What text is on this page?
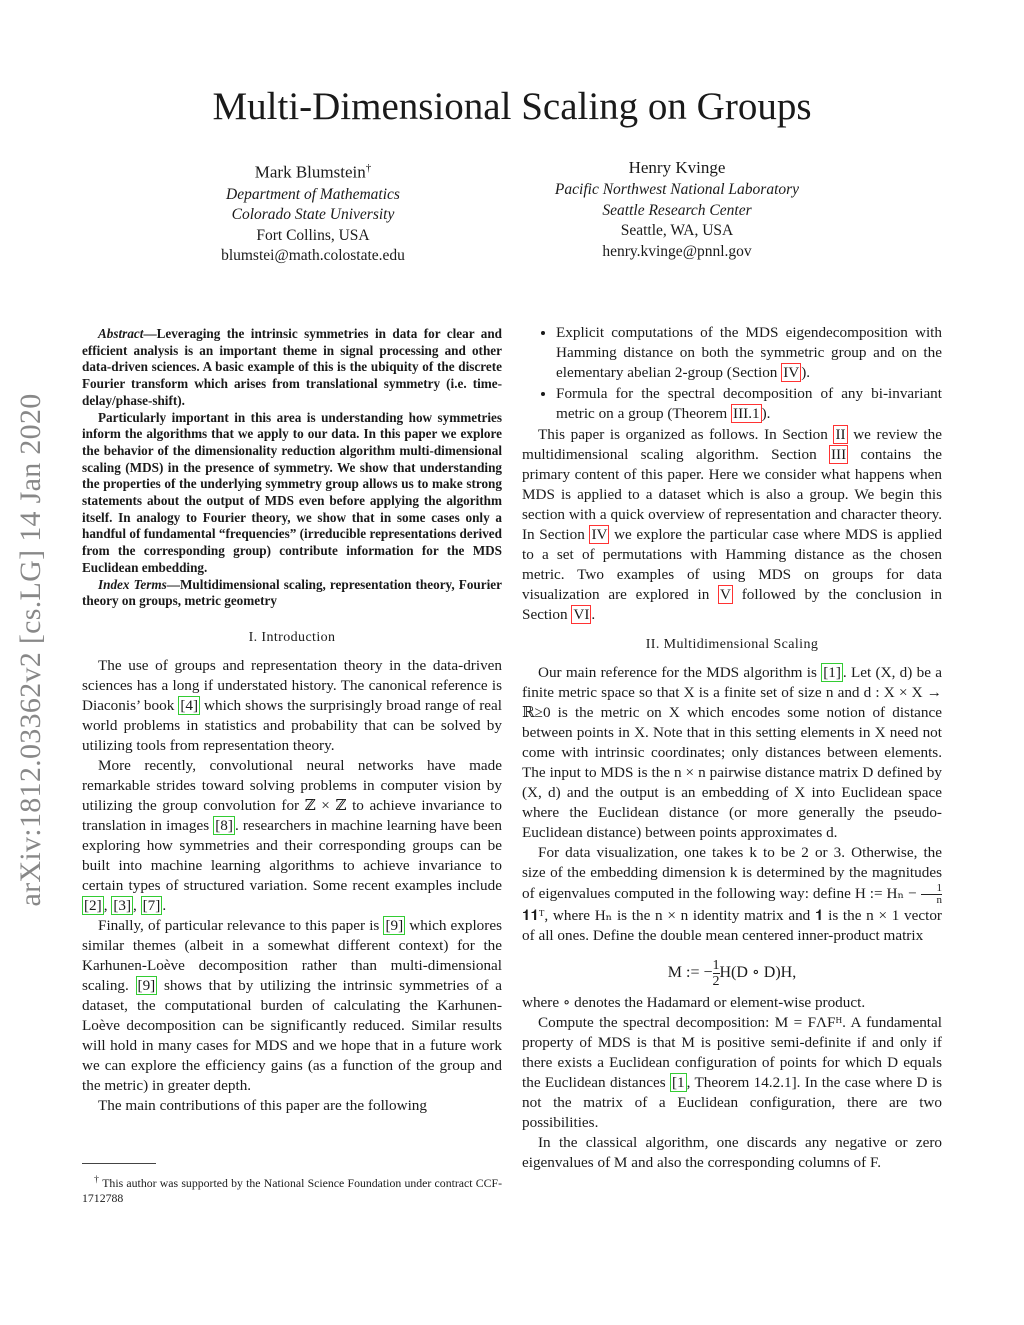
Multi-Dimensional Scaling on Groups
arXiv:1812.03362v2 [cs.LG] 14 Jan 2020
Mark Blumstein†
Department of Mathematics
Colorado State University
Fort Collins, USA
blumstei@math.colostate.edu
Henry Kvinge
Pacific Northwest National Laboratory
Seattle Research Center
Seattle, WA, USA
henry.kvinge@pnnl.gov

Abstract—Leveraging the intrinsic symmetries in data for clear and efficient analysis is an important theme in signal processing and other data-driven sciences. A basic example of this is the ubiquity of the discrete Fourier transform which arises from translational symmetry (i.e. time-delay/phase-shift).

Particularly important in this area is understanding how symmetries inform the algorithms that we apply to our data. In this paper we explore the behavior of the dimensionality reduction algorithm multi-dimensional scaling (MDS) in the presence of symmetry. We show that understanding the properties of the underlying symmetry group allows us to make strong statements about the output of MDS even before applying the algorithm itself. In analogy to Fourier theory, we show that in some cases only a handful of fundamental “frequencies” (irreducible representations derived from the corresponding group) contribute information for the MDS Euclidean embedding.

Index Terms—Multidimensional scaling, representation theory, Fourier theory on groups, metric geometry

I. Introduction

The use of groups and representation theory in the data-driven sciences has a long if understated history. The canonical reference is Diaconis’ book [4] which shows the surprisingly broad range of real world problems in statistics and probability that can be solved by utilizing tools from representation theory.

More recently, convolutional neural networks have made remarkable strides toward solving problems in computer vision by utilizing the group convolution for ℤ × ℤ to achieve invariance to translation in images [8] . researchers in machine learning have been exploring how symmetries and their corresponding groups can be built into machine learning algorithms to achieve invariance to certain types of structured variation. Some recent examples include [2] , [3] , [7] .

Finally, of particular relevance to this paper is [9] which explores similar themes (albeit in a somewhat different context) for the Karhunen-Loève decomposition rather than multi-dimensional scaling. [9] shows that by utilizing the intrinsic symmetries of a dataset, the computational burden of calculating the Karhunen-Loève decomposition can be significantly reduced. Similar results will hold in many cases for MDS and we hope that in a future work we can explore the efficiency gains (as a function of the group and the metric) in greater depth.

The main contributions of this paper are the following

† This author was supported by the National Science Foundation under contract CCF-1712788
• Explicit computations of the MDS eigendecomposition with Hamming distance on both the symmetric group and on the elementary abelian 2-group (Section IV ).
• Formula for the spectral decomposition of any bi-invariant metric on a group (Theorem III.1 ).

This paper is organized as follows. In Section II we review the multidimensional scaling algorithm. Section III contains the primary content of this paper. Here we consider what happens when MDS is applied to a dataset which is also a group. We begin this section with a quick overview of representation and character theory. In Section IV we explore the particular case where MDS is applied to a set of permutations with Hamming distance as the chosen metric. Two examples of using MDS on groups for data visualization are explored in V followed by the conclusion in Section VI .

II. Multidimensional Scaling

Our main reference for the MDS algorithm is [1] . Let (X, d) be a finite metric space so that X is a finite set of size n and d : X × X → ℝ≥0 is the metric on X which encodes some notion of distance between points in X. Note that in this setting elements in X need not come with intrinsic coordinates; only distances between elements. The input to MDS is the n × n pairwise distance matrix D defined by (X, d) and the output is an embedding of X into Euclidean space where the Euclidean distance (or more generally the pseudo-Euclidean distance) between points approximates d.

For data visualization, one takes k to be 2 or 3. Otherwise, the size of the embedding dimension k is determined by the magnitudes of eigenvalues computed in the following way: define H := $H_n - \frac{1}{n}$
𝟏𝟏ᵀ, where Hₙ is the n × n identity matrix and 𝟏 is the n × 1 vector of all ones. Define the double mean centered inner-product matrix

M := − $\frac{1}{2} H(D$ ∘ D)H,

where ∘ denotes the Hadamard or element-wise product.

Compute the spectral decomposition: M = FΛFᴴ. A fundamental property of MDS is that M is positive semi-definite if and only if there exists a Euclidean configuration of points for which D equals the Euclidean distances [1 , Theorem 14.2.1]. In the case where D is not the matrix of a Euclidean configuration, there are two possibilities.

In the classical algorithm, one discards any negative or zero eigenvalues of M and also the corresponding columns of F.
